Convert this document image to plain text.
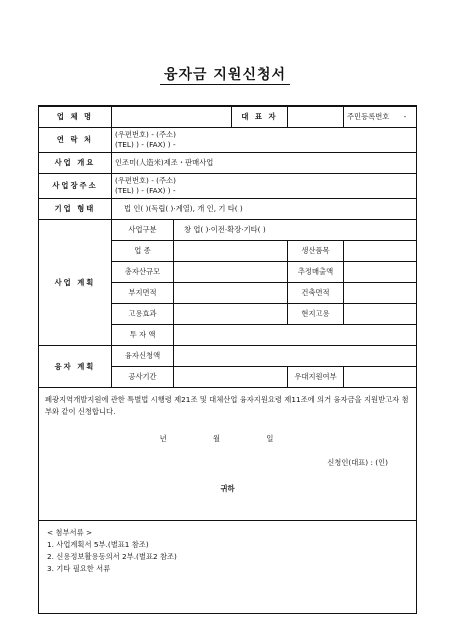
융자금 지원신청서
업 체 명			대 표 자		주민등록번호 -
연 락 처	(우편번호) - (주소)
(TEL) ) - (FAX) ) -				

사업 개요	인조미(人造米)제조・판매사업				
사업장주소	(우편번호) - (주소)
(TEL) ) - (FAX) ) -				

기업 형태	법 인( )(독립( )·계열), 개 인, 기 타( )				
사업 계획	사업구분	창 업( )·이전·확장·기타( )			
	업 종			생산품목	
	총자산규모			추정매출액	
	부지면적			건축면적	
	고용효과			현지고용	
	투 자 액				
융자 계획	융자신청액				
	공사기간			우대지원여부	

폐광지역개발지원에 관한 특별법 시행령 제21조 및 대체산업 융자지원요령 제11조에 의거 융자금을 지원받고자 첨부와 같이 신청합니다.
년 월 일
신청인(대표) : (인)
귀하					

< 첨부서류 >
1. 사업계획서 5부.(별표1 참조)
2. 신용정보활용동의서 2부.(별표2 참조)
3. 기타 필요한 서류					
